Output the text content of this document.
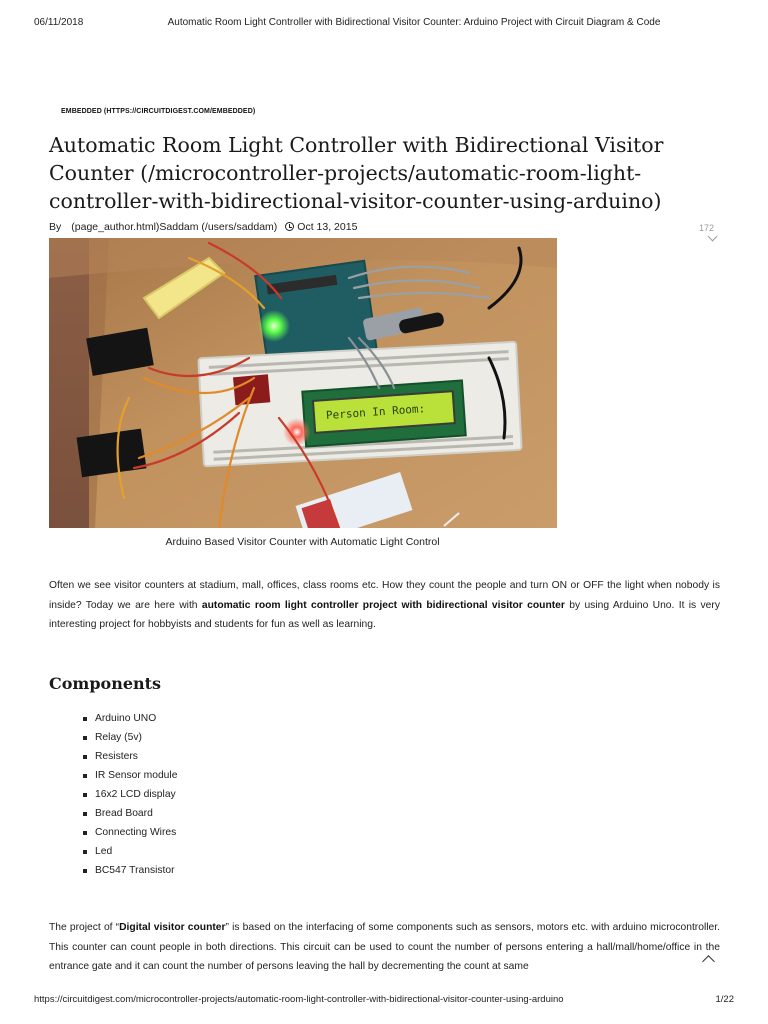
06/11/2018	Automatic Room Light Controller with Bidirectional Visitor Counter: Arduino Project with Circuit Diagram & Code
EMBEDDED (HTTPS://CIRCUITDIGEST.COM/EMBEDDED)
Automatic Room Light Controller with Bidirectional Visitor Counter (/microcontroller-projects/automatic-room-light-controller-with-bidirectional-visitor-counter-using-arduino)
By (page_author.html)Saddam (/users/saddam) Oct 13, 2015	172
Person In Room:
Arduino Based Visitor Counter with Automatic Light Control

Often we see visitor counters at stadium, mall, offices, class rooms etc. How they count the people and turn ON or OFF the light when nobody is inside? Today we are here with automatic room light controller project with bidirectional visitor counter by using Arduino Uno. It is very interesting project for hobbyists and students for fun as well as learning.

Components
Arduino UNO
Relay (5v)
Resisters
IR Sensor module
16x2 LCD display
Bread Board
Connecting Wires
Led
BC547 Transistor

The project of “Digital visitor counter” is based on the interfacing of some components such as sensors, motors etc. with arduino microcontroller. This counter can count people in both directions. This circuit can be used to count the number of persons entering a hall/mall/home/office in the entrance gate and it can count the number of persons leaving the hall by decrementing the count at same

https://circuitdigest.com/microcontroller-projects/automatic-room-light-controller-with-bidirectional-visitor-counter-using-arduino	1/22
